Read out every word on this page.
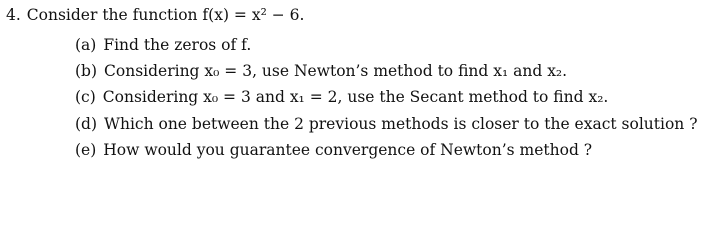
4. Consider the function f(x) = x² − 6.
(a) Find the zeros of f.
(b) Considering x₀ = 3, use Newton’s method to find x₁ and x₂.
(c) Considering x₀ = 3 and x₁ = 2, use the Secant method to find x₂.
(d) Which one between the 2 previous methods is closer to the exact solution ?
(e) How would you guarantee convergence of Newton’s method ?
